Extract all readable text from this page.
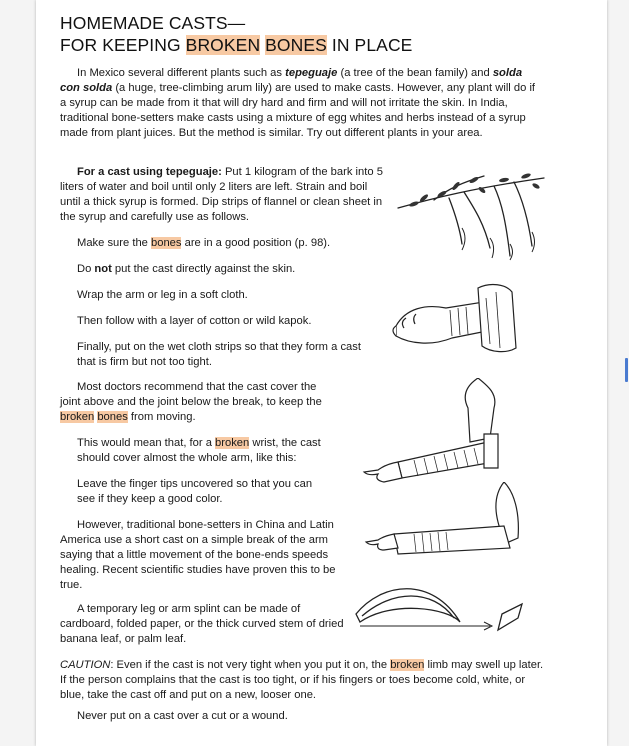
HOMEMADE CASTS—
FOR KEEPING BROKEN BONES IN PLACE

In Mexico several different plants such as tepeguaje (a tree of the bean family) and solda con solda (a huge, tree-climbing arum lily) are used to make casts. However, any plant will do if a syrup can be made from it that will dry hard and firm and will not irritate the skin. In India, traditional bone-setters make casts using a mixture of egg whites and herbs instead of a syrup made from plant juices. But the method is similar. Try out different plants in your area.

For a cast using tepeguaje: Put 1 kilogram of the bark into 5 liters of water and boil until only 2 liters are left. Strain and boil until a thick syrup is formed. Dip strips of flannel or clean sheet in the syrup and carefully use as follows.

Make sure the bones are in a good position (p. 98).

Do not put the cast directly against the skin.

Wrap the arm or leg in a soft cloth.

Then follow with a layer of cotton or wild kapok.

Finally, put on the wet cloth strips so that they form a cast that is firm but not too tight.

Most doctors recommend that the cast cover the joint above and the joint below the break, to keep the broken bones from moving.

This would mean that, for a broken wrist, the cast should cover almost the whole arm, like this:

Leave the finger tips uncovered so that you can see if they keep a good color.

However, traditional bone-setters in China and Latin America use a short cast on a simple break of the arm saying that a little movement of the bone-ends speeds healing. Recent scientific studies have proven this to be true.

A temporary leg or arm splint can be made of cardboard, folded paper, or the thick curved stem of dried banana leaf, or palm leaf.

CAUTION: Even if the cast is not very tight when you put it on, the broken limb may swell up later. If the person complains that the cast is too tight, or if his fingers or toes become cold, white, or blue, take the cast off and put on a new, looser one.

Never put on a cast over a cut or a wound.
